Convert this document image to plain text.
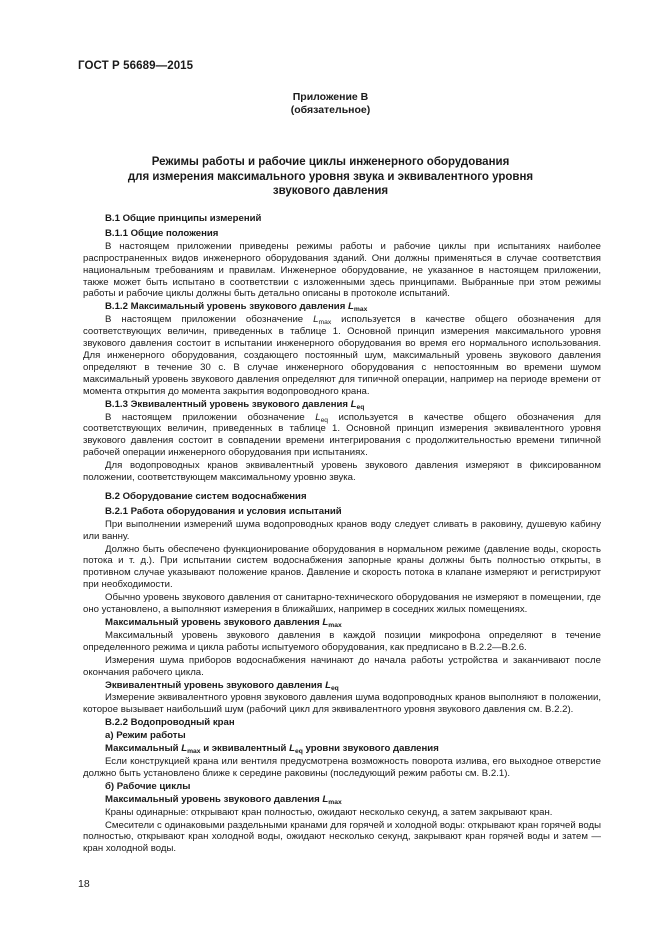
ГОСТ Р 56689—2015
Приложение В
(обязательное)
Режимы работы и рабочие циклы инженерного оборудования
для измерения максимального уровня звука и эквивалентного уровня
звукового давления
В.1 Общие принципы измерений
В.1.1 Общие положения

В настоящем приложении приведены режимы работы и рабочие циклы при испытаниях наиболее распространенных видов инженерного оборудования зданий. Они должны применяться в случае соответствия национальным требованиям и правилам. Инженерное оборудование, не указанное в настоящем приложении, также может быть испытано в соответствии с изложенными здесь принципами. Выбранные при этом режимы работы и рабочие циклы должны быть детально описаны в протоколе испытаний.

В.1.2 Максимальный уровень звукового давления $L_{max}$

В настоящем приложении обозначение $L_{max}$ используется в качестве общего обозначения для соответствующих величин, приведенных в таблице 1. Основной принцип измерения максимального уровня звукового давления состоит в испытании инженерного оборудования во время его нормального использования. Для инженерного оборудования, создающего постоянный шум, максимальный уровень звукового давления определяют в течение 30 с. В случае инженерного оборудования с непостоянным во времени шумом максимальный уровень звукового давления определяют для типичной операции, например на периоде времени от момента открытия до момента закрытия водопроводного крана.

В.1.3 Эквивалентный уровень звукового давления $L_{eq}$

В настоящем приложении обозначение $L_{eq}$ используется в качестве общего обозначения для соответствующих величин, приведенных в таблице 1. Основной принцип измерения эквивалентного уровня звукового давления состоит в совпадении времени интегрирования с продолжительностью времени типичной рабочей операции инженерного оборудования при испытаниях.

Для водопроводных кранов эквивалентный уровень звукового давления измеряют в фиксированном положении, соответствующем максимальному уровню звука.

В.2 Оборудование систем водоснабжения
В.2.1 Работа оборудования и условия испытаний

При выполнении измерений шума водопроводных кранов воду следует сливать в раковину, душевую кабину или ванну.

Должно быть обеспечено функционирование оборудования в нормальном режиме (давление воды, скорость потока и т. д.). При испытании систем водоснабжения запорные краны должны быть полностью открыты, в противном случае указывают положение кранов. Давление и скорость потока в клапане измеряют и регистрируют при необходимости.

Обычно уровень звукового давления от санитарно-технического оборудования не измеряют в помещении, где оно установлено, а выполняют измерения в ближайших, например в соседних жилых помещениях.

Максимальный уровень звукового давления $L_{max}$

Максимальный уровень звукового давления в каждой позиции микрофона определяют в течение определенного режима и цикла работы испытуемого оборудования, как предписано в В.2.2—В.2.6.

Измерения шума приборов водоснабжения начинают до начала работы устройства и заканчивают после окончания рабочего цикла.

Эквивалентный уровень звукового давления $L_{eq}$

Измерение эквивалентного уровня звукового давления шума водопроводных кранов выполняют в положении, которое вызывает наибольший шум (рабочий цикл для эквивалентного уровня звукового давления см. В.2.2).

В.2.2 Водопроводный кран
а) Режим работы
Максимальный $L_{max}$ и эквивалентный $L_{eq}$ уровни звукового давления

Если конструкцией крана или вентиля предусмотрена возможность поворота излива, его выходное отверстие должно быть установлено ближе к середине раковины (последующий режим работы см. В.2.1).

б) Рабочие циклы
Максимальный уровень звукового давления $L_{max}$

Краны одинарные: открывают кран полностью, ожидают несколько секунд, а затем закрывают кран.

Смесители с одинаковыми раздельными кранами для горячей и холодной воды: открывают кран горячей воды полностью, открывают кран холодной воды, ожидают несколько секунд, закрывают кран горячей воды и затем — кран холодной воды.

18
